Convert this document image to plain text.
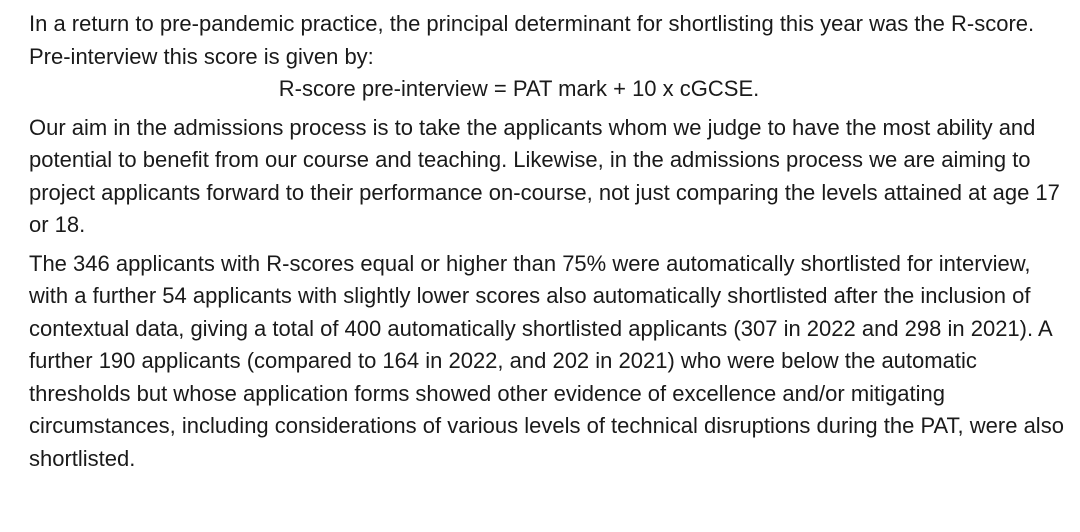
In a return to pre-pandemic practice, the principal determinant for shortlisting this year was the R-score. Pre-interview this score is given by:

R-score pre-interview = PAT mark + 10 x cGCSE.

Our aim in the admissions process is to take the applicants whom we judge to have the most ability and potential to benefit from our course and teaching. Likewise, in the admissions process we are aiming to project applicants forward to their performance on-course, not just comparing the levels attained at age 17 or 18.

The 346 applicants with R-scores equal or higher than 75% were automatically shortlisted for interview, with a further 54 applicants with slightly lower scores also automatically shortlisted after the inclusion of contextual data, giving a total of 400 automatically shortlisted applicants (307 in 2022 and 298 in 2021). A further 190 applicants (compared to 164 in 2022, and 202 in 2021) who were below the automatic thresholds but whose application forms showed other evidence of excellence and/or mitigating circumstances, including considerations of various levels of technical disruptions during the PAT, were also shortlisted.
